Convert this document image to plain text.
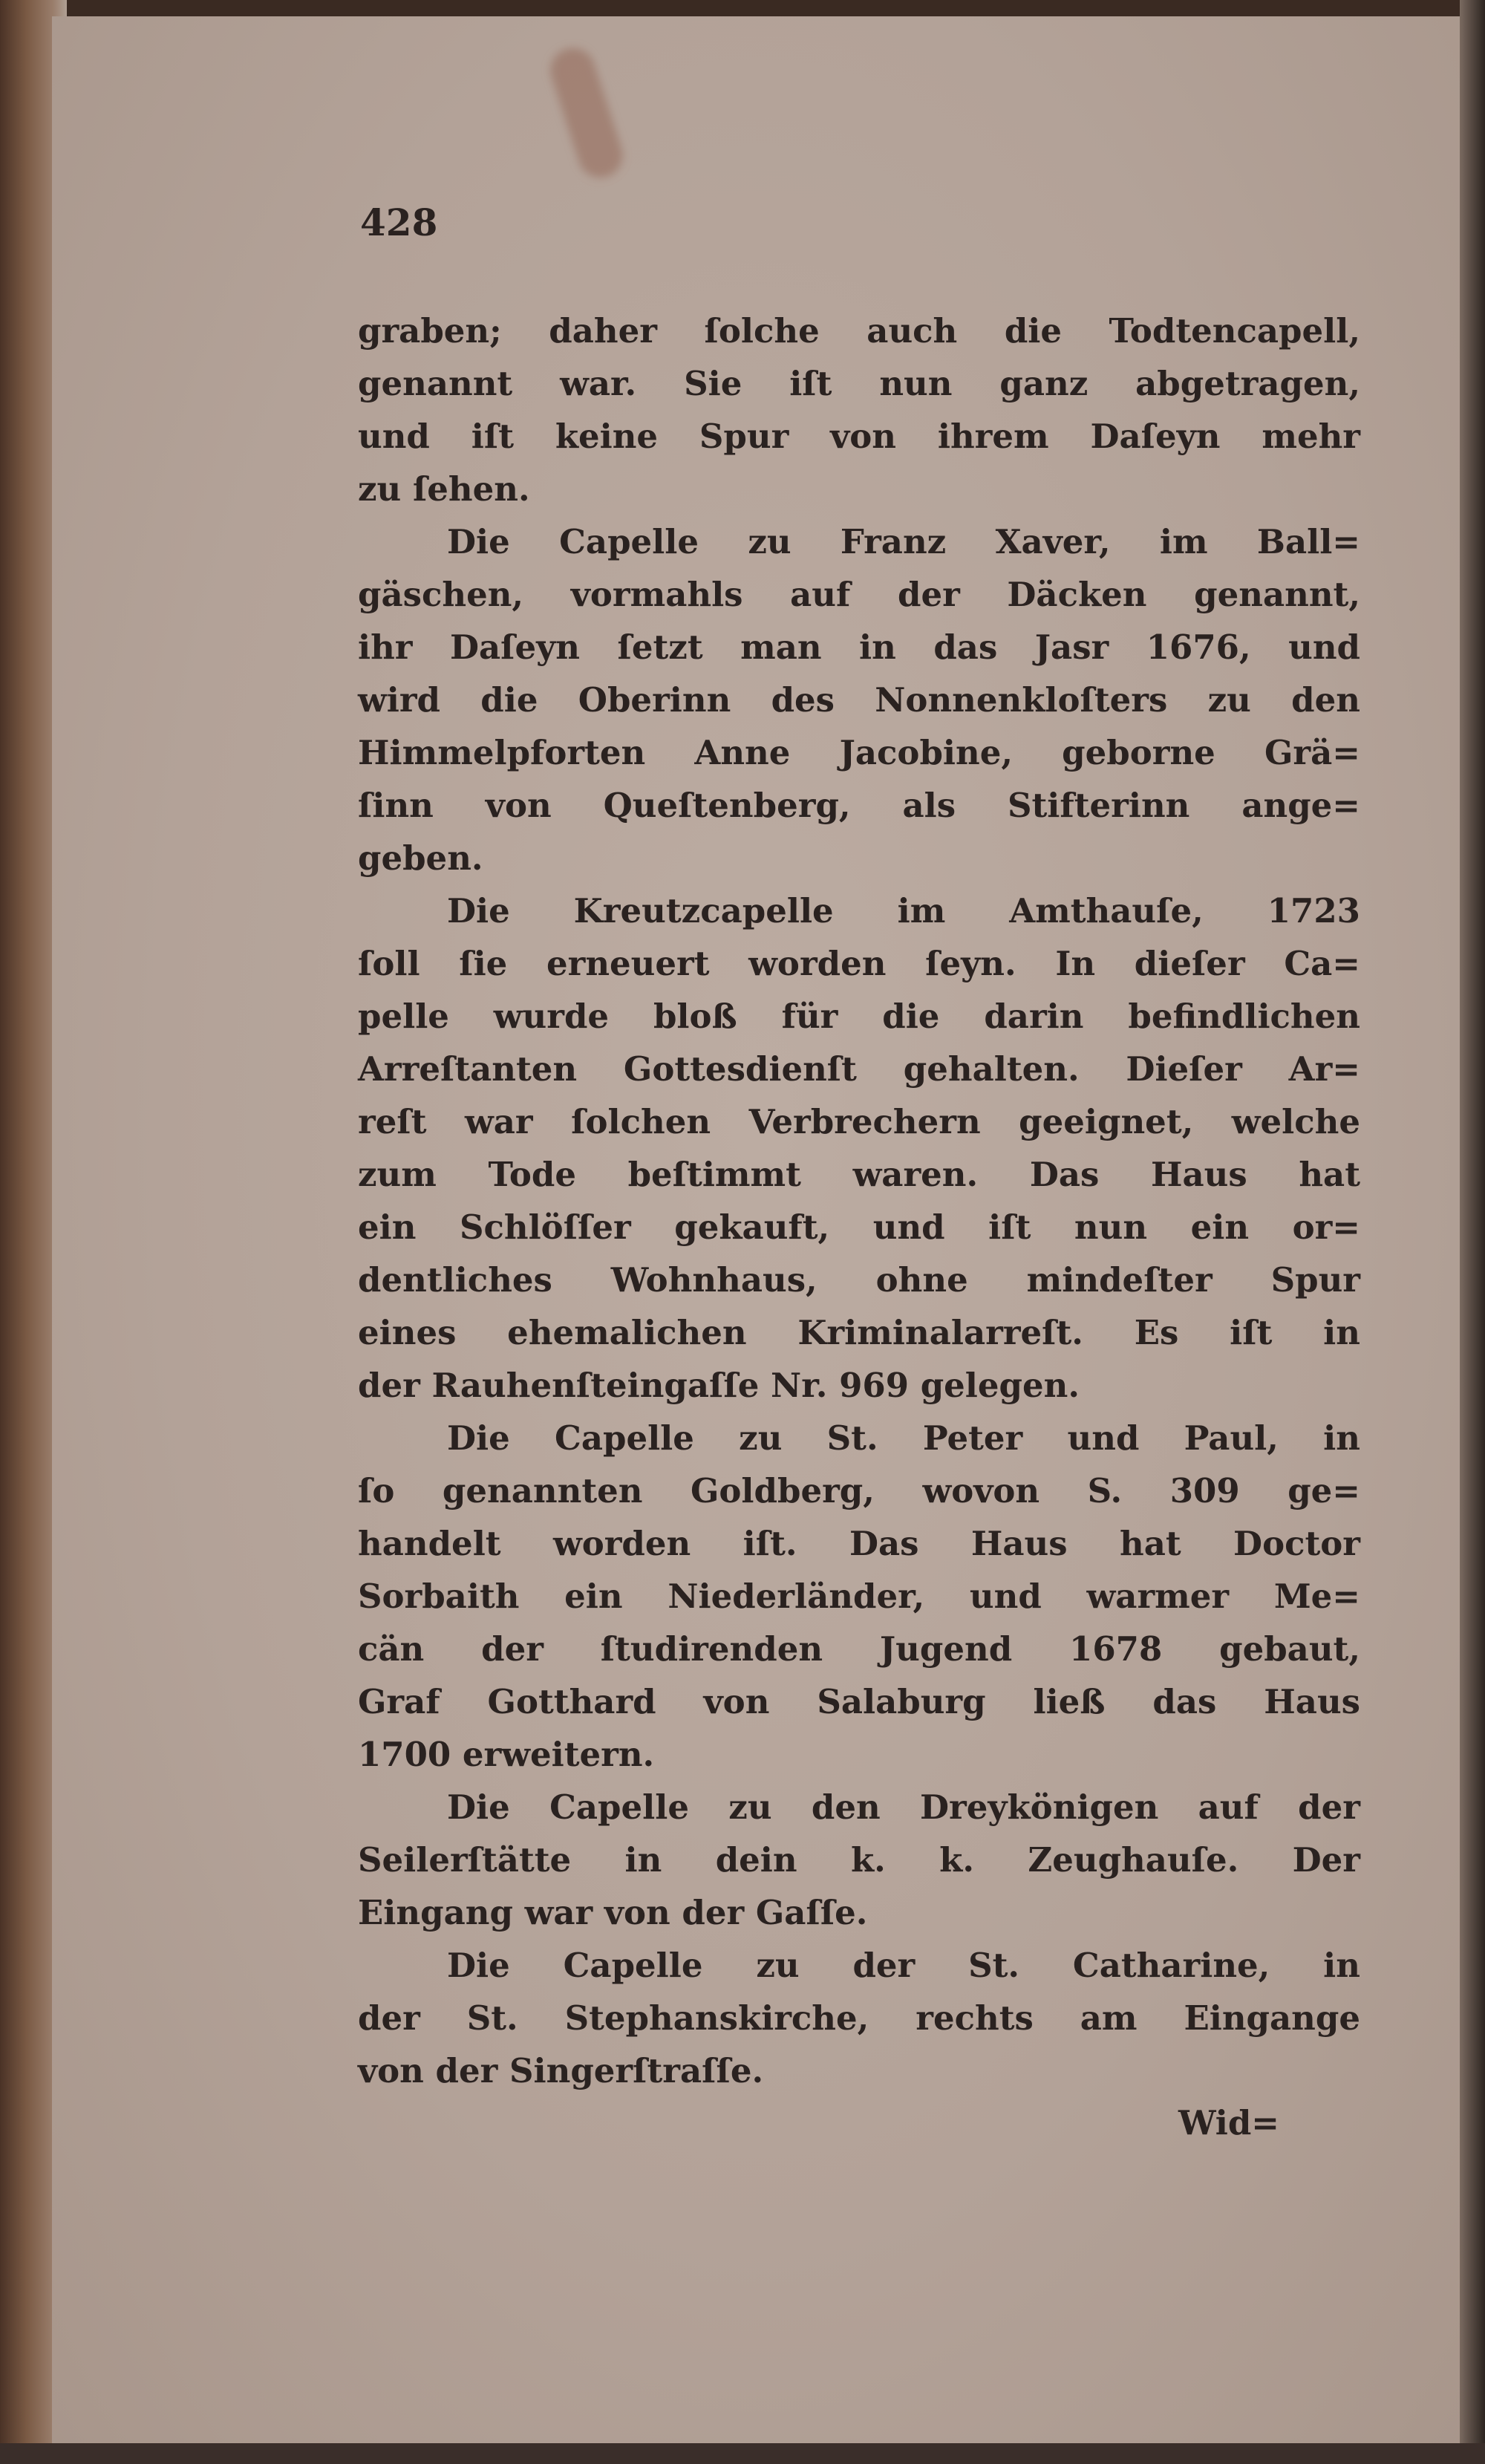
428
graben; daher ſolche auch die Todtencapell,
genannt war. Sie iſt nun ganz abgetragen,
und iſt keine Spur von ihrem Daſeyn mehr
zu ſehen.
Die Capelle zu Franz Xaver, im Ball=
gäschen, vormahls auf der Däcken genannt,
ihr Daſeyn ſetzt man in das Jasr 1676, und
wird die Oberinn des Nonnenkloſters zu den
Himmelpforten Anne Jacobine, geborne Grä=
ſinn von Queſtenberg, als Stifterinn ange=
geben.
Die Kreutzcapelle im Amthauſe, 1723
ſoll ſie erneuert worden ſeyn. In dieſer Ca=
pelle wurde bloß für die darin befindlichen
Arreſtanten Gottesdienſt gehalten. Dieſer Ar=
reſt war ſolchen Verbrechern geeignet, welche
zum Tode beſtimmt waren. Das Haus hat
ein Schlöſſer gekauft, und iſt nun ein or=
dentliches Wohnhaus, ohne mindeſter Spur
eines ehemalichen Kriminalarreſt. Es iſt in
der Rauhenſteingaſſe Nr. 969 gelegen.
Die Capelle zu St. Peter und Paul, in
ſo genannten Goldberg, wovon S. 309 ge=
handelt worden iſt. Das Haus hat Doctor
Sorbaith ein Niederländer, und warmer Me=
cän der ſtudirenden Jugend 1678 gebaut,
Graf Gotthard von Salaburg ließ das Haus
1700 erweitern.
Die Capelle zu den Dreykönigen auf der
Seilerſtätte in dein k. k. Zeughauſe. Der
Eingang war von der Gaſſe.
Die Capelle zu der St. Catharine, in
der St. Stephanskirche, rechts am Eingange
von der Singerſtraſſe.
Wid=
